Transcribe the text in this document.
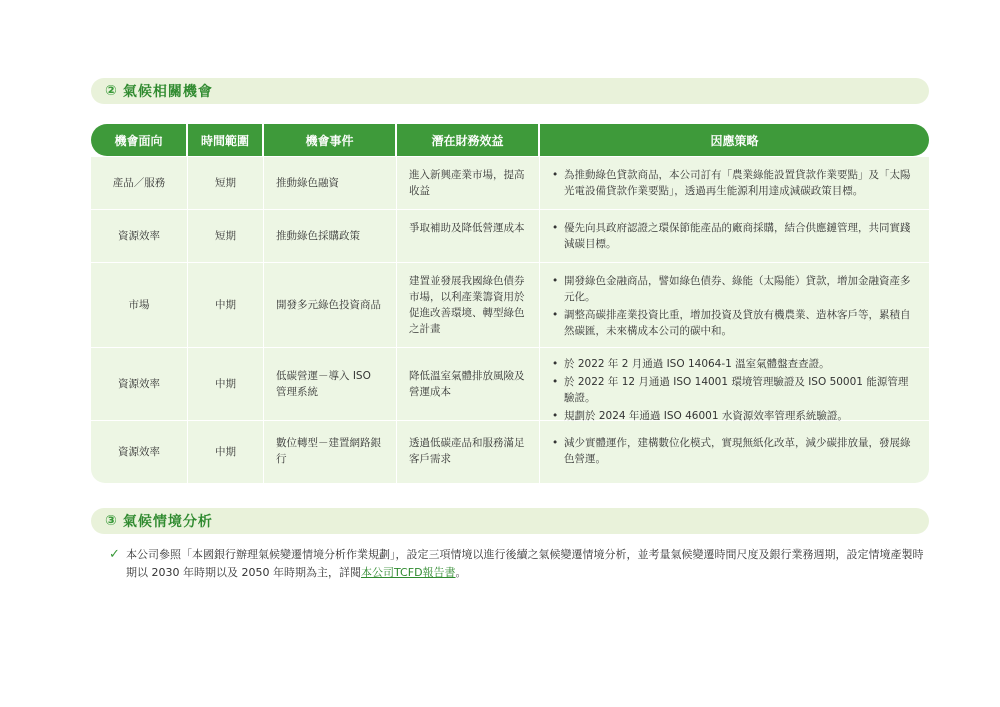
② 氣候相關機會
機會面向	時間範圍	機會事件	潛在財務效益	因應策略
產品／服務	短期	推動綠色融資
進入新興產業市場，提高收益
• 為推動綠色貸款商品，本公司訂有「農業綠能設置貸款作業要點」及「太陽光電設備貸款作業要點」，透過再生能源利用達成減碳政策目標。
資源效率	短期	推動綠色採購政策
爭取補助及降低營運成本
•	優先向具政府認證之環保節能產品的廠商採購，結合供應鏈管理，共同實踐減碳目標。
市場	中期	開發多元綠色投資商品
建置並發展我國綠色債券市場，以利產業籌資用於促進改善環境、轉型綠色之計畫
• 開發綠色金融商品，譬如綠色債券、綠能（太陽能）貸款，增加金融資產多元化。
• 調整高碳排產業投資比重，增加投資及貸放有機農業、造林客戶等，累積自然碳匯，未來構成本公司的碳中和。
資源效率	中期
低碳營運－導入 ISO 管理系統
降低溫室氣體排放風險及營運成本
• 於 2022 年 2 月通過 ISO 14064-1 溫室氣體盤查查證。
• 於 2022 年 12 月通過 ISO 14001 環境管理驗證及 ISO 50001 能源管理驗證。
• 規劃於 2024 年通過 ISO 46001 水資源效率管理系統驗證。
資源效率	中期
數位轉型－建置網路銀行
透過低碳產品和服務滿足客戶需求
• 減少實體運作，建構數位化模式，實現無紙化改革，減少碳排放量，發展綠色營運。
③ 氣候情境分析
✓ 本公司參照「本國銀行辦理氣候變遷情境分析作業規劃」，設定三項情境以進行後續之氣候變遷情境分析，並考量氣候變遷時間尺度及銀行業務週期，設定情境產製時期以 2030 年時期以及 2050 年時期為主，詳閱本公司TCFD報告書。
